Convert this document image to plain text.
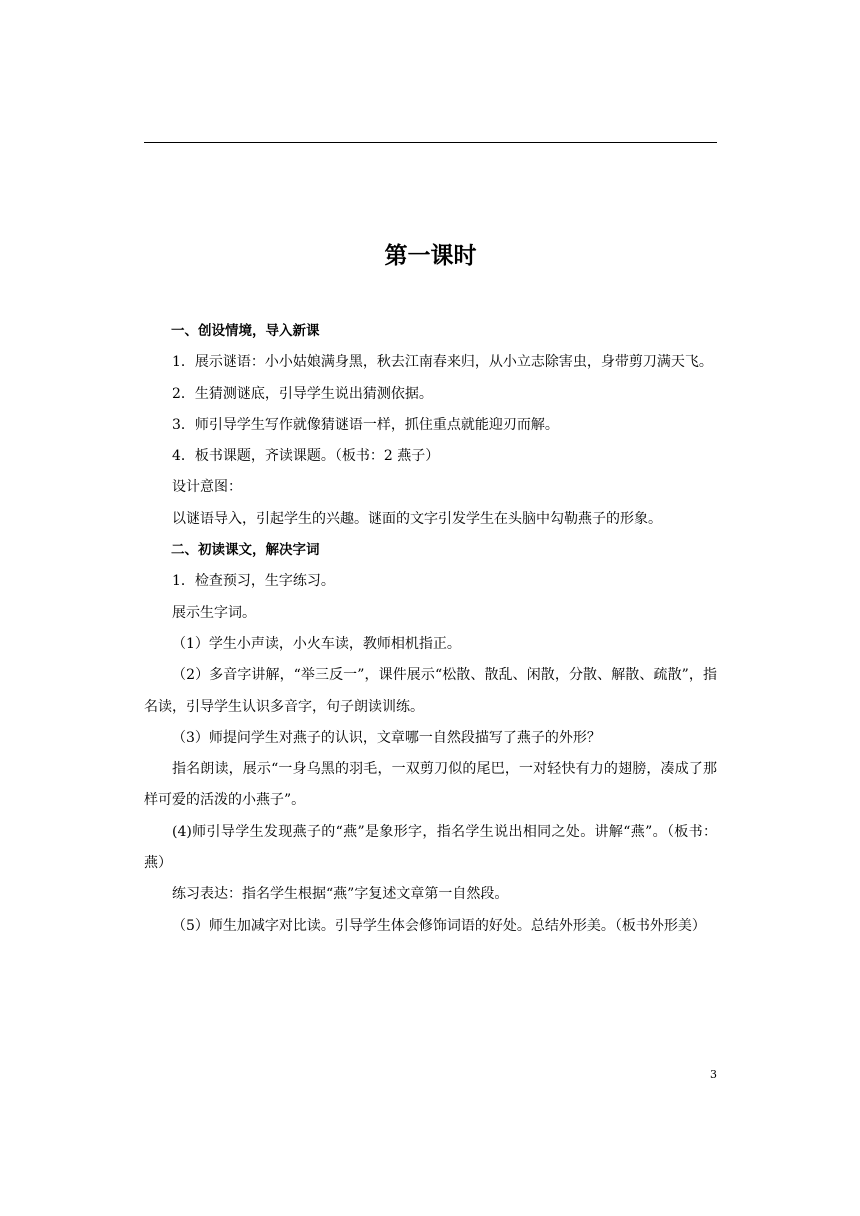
第一课时

一、创设情境，导入新课

1．展示谜语：小小姑娘满身黑，秋去江南春来归，从小立志除害虫，身带剪刀满天飞。

2．生猜测谜底，引导学生说出猜测依据。

3．师引导学生写作就像猜谜语一样，抓住重点就能迎刃而解。

4．板书课题，齐读课题。（板书：2 燕子）

设计意图：

以谜语导入，引起学生的兴趣。谜面的文字引发学生在头脑中勾勒燕子的形象。

二、初读课文，解决字词

1．检查预习，生字练习。

展示生字词。

（1）学生小声读，小火车读，教师相机指正。

（2）多音字讲解，“举三反一”，课件展示“松散、散乱、闲散，分散、解散、疏散”，指名读，引导学生认识多音字，句子朗读训练。

（3）师提问学生对燕子的认识，文章哪一自然段描写了燕子的外形？

指名朗读，展示“一身乌黑的羽毛，一双剪刀似的尾巴，一对轻快有力的翅膀，凑成了那样可爱的活泼的小燕子”。

(4)师引导学生发现燕子的“燕”是象形字，指名学生说出相同之处。讲解“燕”。（板书：燕）

练习表达：指名学生根据“燕”字复述文章第一自然段。

（5）师生加减字对比读。引导学生体会修饰词语的好处。总结外形美。（板书外形美）

3
